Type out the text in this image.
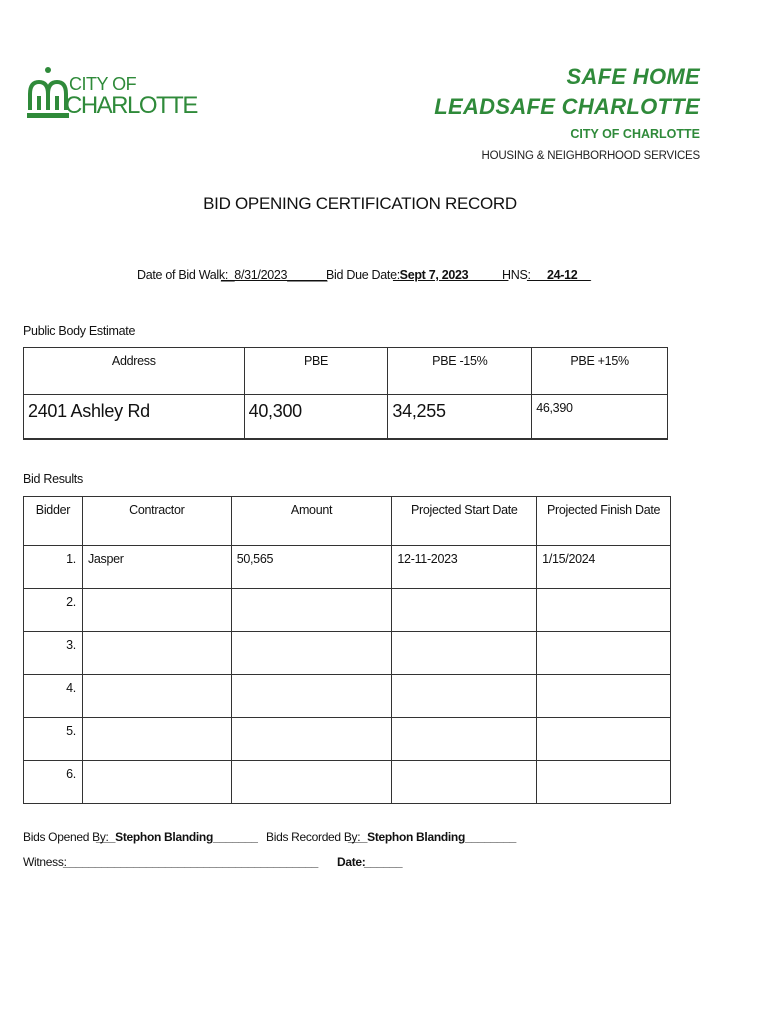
CITY OF
CHARLOTTE
SAFE HOME
LEADSAFE CHARLOTTE
CITY OF CHARLOTTE
HOUSING & NEIGHBORHOOD SERVICES
BID OPENING CERTIFICATION RECORD
Date of Bid Walk:
__8/31/2023______
Bid Due Date:
_Sept 7, 2023______
HNS:
___24-12__
Public Body Estimate
Address	PBE	PBE -15%	PBE +15%
2401 Ashley Rd	40,300	34,255	46,390
Bid Results
Bidder	Contractor	Amount	Projected Start Date	Projected Finish Date
1.	Jasper	50,565	12-11-2023	1/15/2024
2.				
3.				
4.				
5.				
6.				
Bids Opened By:
___Stephon Blanding_______ Bids Recorded By:
___Stephon Blanding________
Witness:
________________________________________ Date:
______
